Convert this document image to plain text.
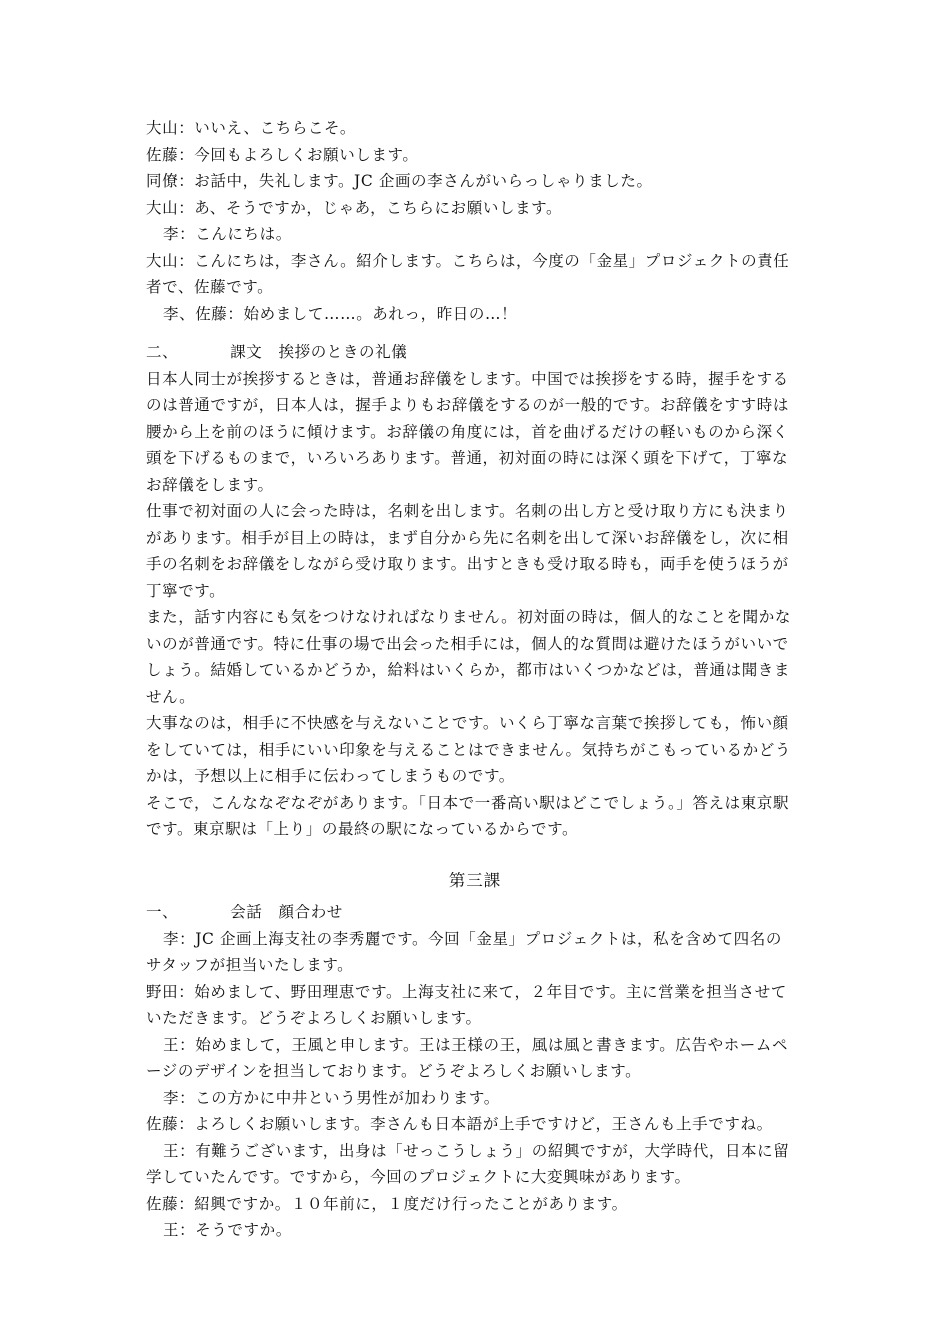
大山：いいえ、こちらこそ。
佐藤：今回もよろしくお願いします。
同僚：お話中，失礼します。JC 企画の李さんがいらっしゃりました。
大山：あ、そうですか，じゃあ，こちらにお願いします。
李：こんにちは。
大山：こんにちは，李さん。紹介します。こちらは，今度の「金星」プロジェクトの責任
者で、佐藤です。
李、佐藤：始めまして……。あれっ，昨日の…！
二、	課文　挨拶のときの礼儀
日本人同士が挨拶するときは，普通お辞儀をします。中国では挨拶をする時，握手をする
のは普通ですが，日本人は，握手よりもお辞儀をするのが一般的です。お辞儀をすす時は
腰から上を前のほうに傾けます。お辞儀の角度には，首を曲げるだけの軽いものから深く
頭を下げるものまで，いろいろあります。普通，初対面の時には深く頭を下げて，丁寧な
お辞儀をします。
仕事で初対面の人に会った時は，名刺を出します。名刺の出し方と受け取り方にも決まり
があります。相手が目上の時は，まず自分から先に名刺を出して深いお辞儀をし，次に相
手の名刺をお辞儀をしながら受け取ります。出すときも受け取る時も，両手を使うほうが
丁寧です。
また，話す内容にも気をつけなければなりません。初対面の時は，個人的なことを聞かな
いのが普通です。特に仕事の場で出会った相手には，個人的な質問は避けたほうがいいで
しょう。結婚しているかどうか，給料はいくらか，都市はいくつかなどは，普通は聞きま
せん。
大事なのは，相手に不快感を与えないことです。いくら丁寧な言葉で挨拶しても，怖い顔
をしていては，相手にいい印象を与えることはできません。気持ちがこもっているかどう
かは，予想以上に相手に伝わってしまうものです。
そこで，こんななぞなぞがあります。「日本で一番高い駅はどこでしょう。」答えは東京駅
です。東京駅は「上り」の最終の駅になっているからです。
第三課
一、	会話　顔合わせ
李：JC 企画上海支社の李秀麗です。今回「金星」プロジェクトは，私を含めて四名の
サタッフが担当いたします。
野田：始めまして、野田理恵です。上海支社に来て，２年目です。主に営業を担当させて
いただきます。どうぞよろしくお願いします。
王：始めまして，王風と申します。王は王様の王，風は風と書きます。広告やホームペ
ージのデザインを担当しております。どうぞよろしくお願いします。
李：この方かに中井という男性が加わります。
佐藤：よろしくお願いします。李さんも日本語が上手ですけど，王さんも上手ですね。
王：有難うございます，出身は「せっこうしょう」の紹興ですが，大学時代，日本に留
学していたんです。ですから，今回のプロジェクトに大変興味があります。
佐藤：紹興ですか。１０年前に，１度だけ行ったことがあります。
王：そうですか。
